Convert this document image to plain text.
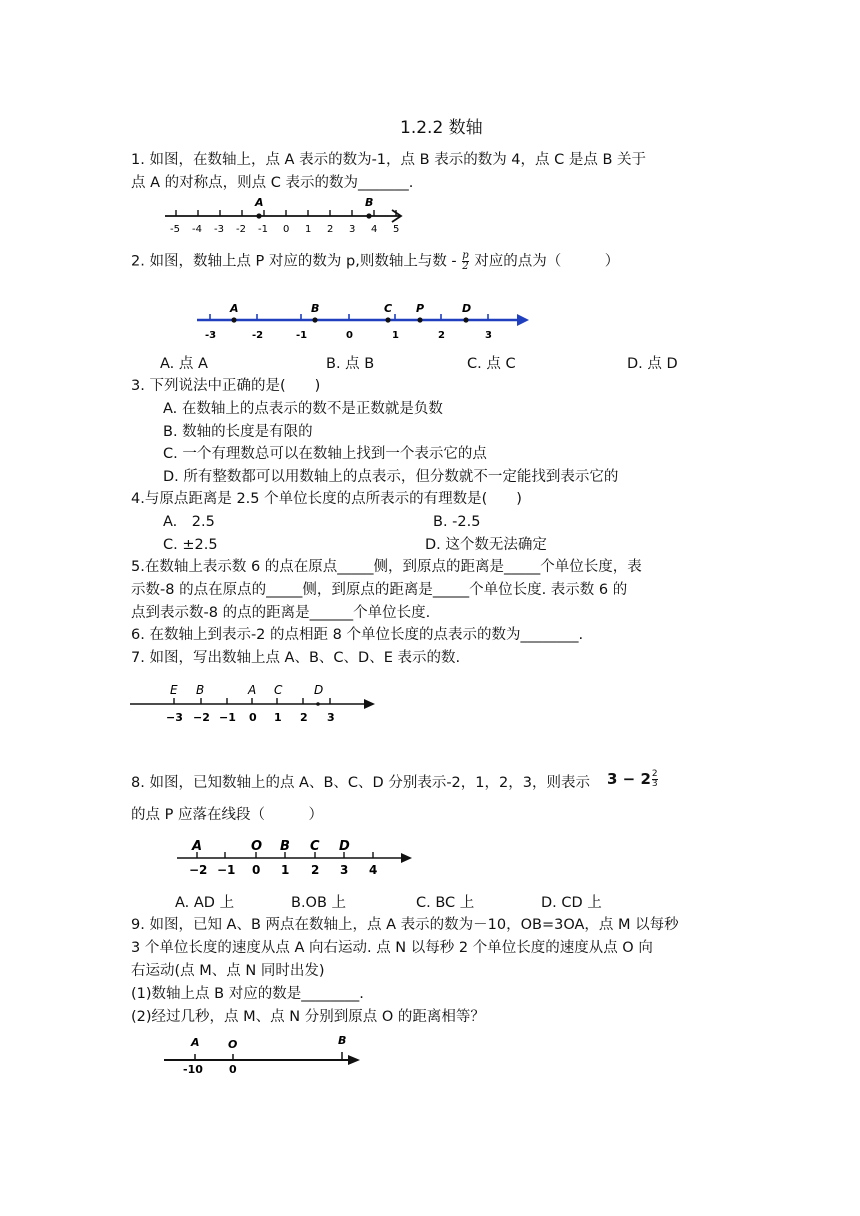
1.2.2 数轴
1. 如图，在数轴上，点 A 表示的数为-1，点 B 表示的数为 4，点 C 是点 B 关于
点 A 的对称点，则点 C 表示的数为_______.
-5 -4 -3 -2 -1 0 1 2 3 4 5
A	B
2. 如图，数轴上点 P 对应的数为 p,则数轴上与数 - $\frac{p}{2}$ 对应的点为（　　　）
-3	-2	-1	0	1	2	3
A	B	C P	D
A. 点 A	B. 点 B	C. 点 C	D. 点 D
3. 下列说法中正确的是(　　)
A. 在数轴上的点表示的数不是正数就是负数
B. 数轴的长度是有限的
C. 一个有理数总可以在数轴上找到一个表示它的点
D. 所有整数都可以用数轴上的点表示，但分数就不一定能找到表示它的
4.与原点距离是 2.5 个单位长度的点所表示的有理数是(　　)
A.　2.5	B. -2.5
C. ±2.5	D. 这个数无法确定
5.在数轴上表示数 6 的点在原点_____侧，到原点的距离是_____个单位长度，表
示数-8 的点在原点的_____侧，到原点的距离是_____个单位长度. 表示数 6 的
点到表示数-8 的点的距离是______个单位长度.
6. 在数轴上到表示-2 的点相距 8 个单位长度的点表示的数为________.
7. 如图，写出数轴上点 A、B、C、D、E 表示的数.
−3 −2 −1 0 1 2 3
E B	A C	D
8. 如图，已知数轴上的点 A、B、C、D 分别表示-2，1，2，3，则表示 $3 - 2 \frac{2}{3}$
的点 P 应落在线段（　　　）
−2 −1 0 1 2 3 4
A	O B C D
A. AD 上	B.OB 上	C. BC 上	D. CD 上
9. 如图，已知 A、B 两点在数轴上，点 A 表示的数为－10，OB=3OA，点 M 以每秒
3 个单位长度的速度从点 A 向右运动. 点 N 以每秒 2 个单位长度的速度从点 O 向
右运动(点 M、点 N 同时出发)
(1)数轴上点 B 对应的数是________.
(2)经过几秒，点 M、点 N 分别到原点 O 的距离相等？
A	O	B
-10 0
